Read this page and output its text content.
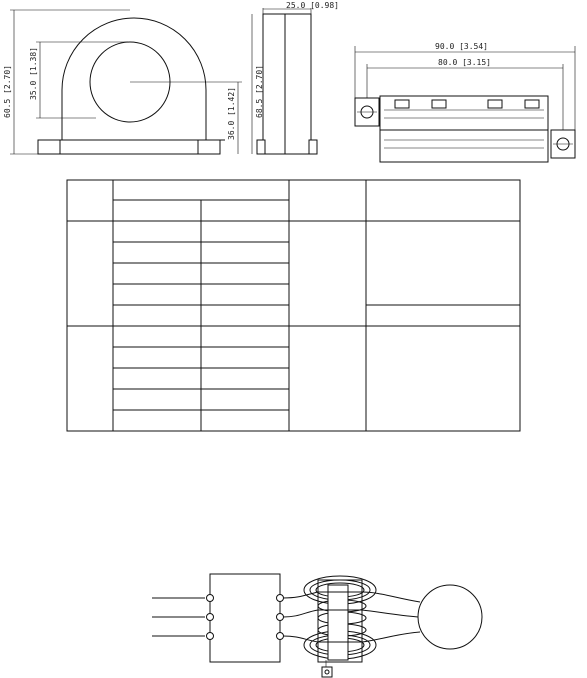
60.5 [2.70] 35.0 [1.38]
36.0 [1.42]
25.0 [0.98]
68.5 [2.70]
90.0 [3.54]
80.0 [3.15]
